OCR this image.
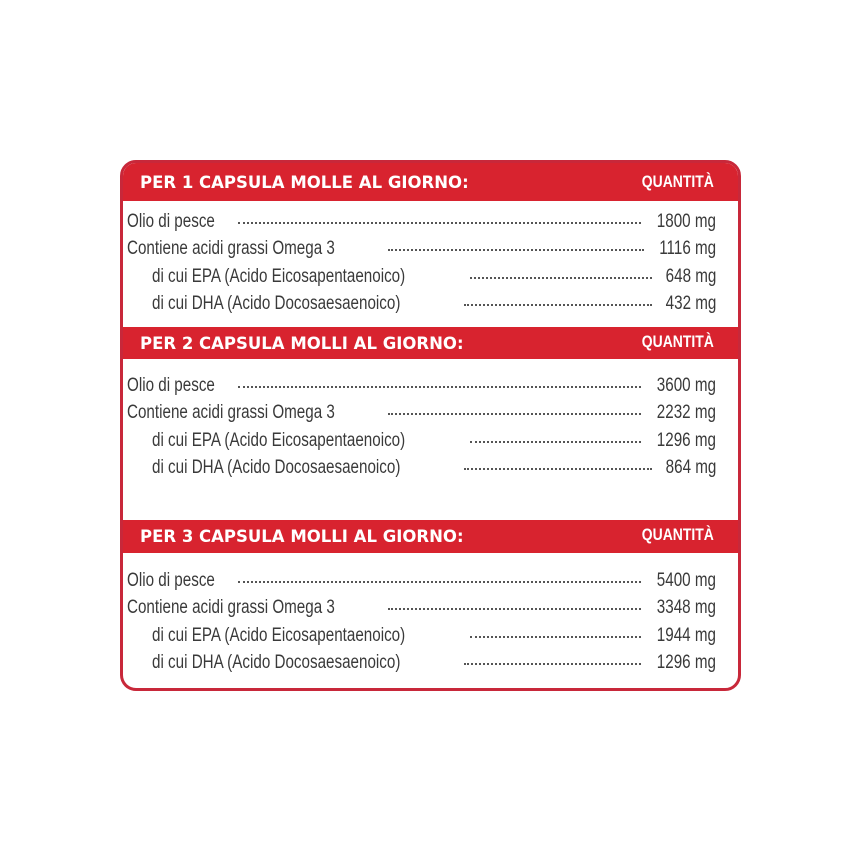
PER 1 CAPSULA MOLLE AL GIORNO:	QUANTITÀ
Olio di pesce	1800 mg
Contiene acidi grassi Omega 3	1116 mg
di cui EPA (Acido Eicosapentaenoico)	648 mg
di cui DHA (Acido Docosaesaenoico)	432 mg
PER 2 CAPSULA MOLLI AL GIORNO:	QUANTITÀ
Olio di pesce	3600 mg
Contiene acidi grassi Omega 3	2232 mg
di cui EPA (Acido Eicosapentaenoico)	1296 mg
di cui DHA (Acido Docosaesaenoico)	864 mg
PER 3 CAPSULA MOLLI AL GIORNO:	QUANTITÀ
Olio di pesce	5400 mg
Contiene acidi grassi Omega 3	3348 mg
di cui EPA (Acido Eicosapentaenoico)	1944 mg
di cui DHA (Acido Docosaesaenoico)	1296 mg
